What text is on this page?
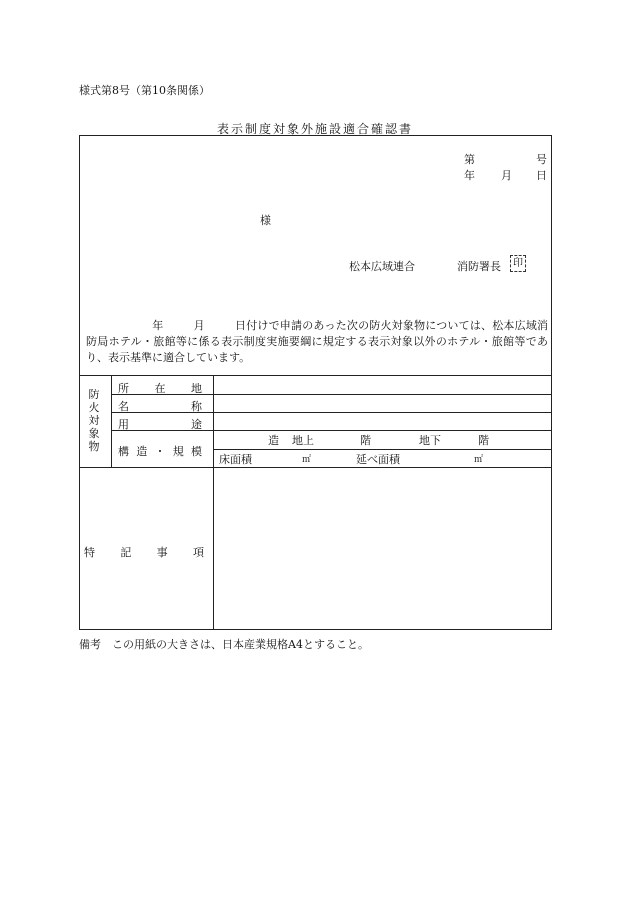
様式第8号（第10条関係）
表示制度対象外施設適合確認書
第	号
年 月 日
様
松本広域連合	消防署長	印
年	月	日付けで申請のあった次の防火対象物については、松本広域消防局ホテル・旅館等に係る表示制度実施要綱に規定する表示対象以外のホテル・旅館等であり、表示基準に適合しています。
防火対象物
所 在 地
名	称
用	途
構 造 ・ 規 模
造 地上	階	地下	階
床面積	㎡	延べ面積	㎡
特 記 事 項
備考　この用紙の大きさは、日本産業規格A4とすること。
